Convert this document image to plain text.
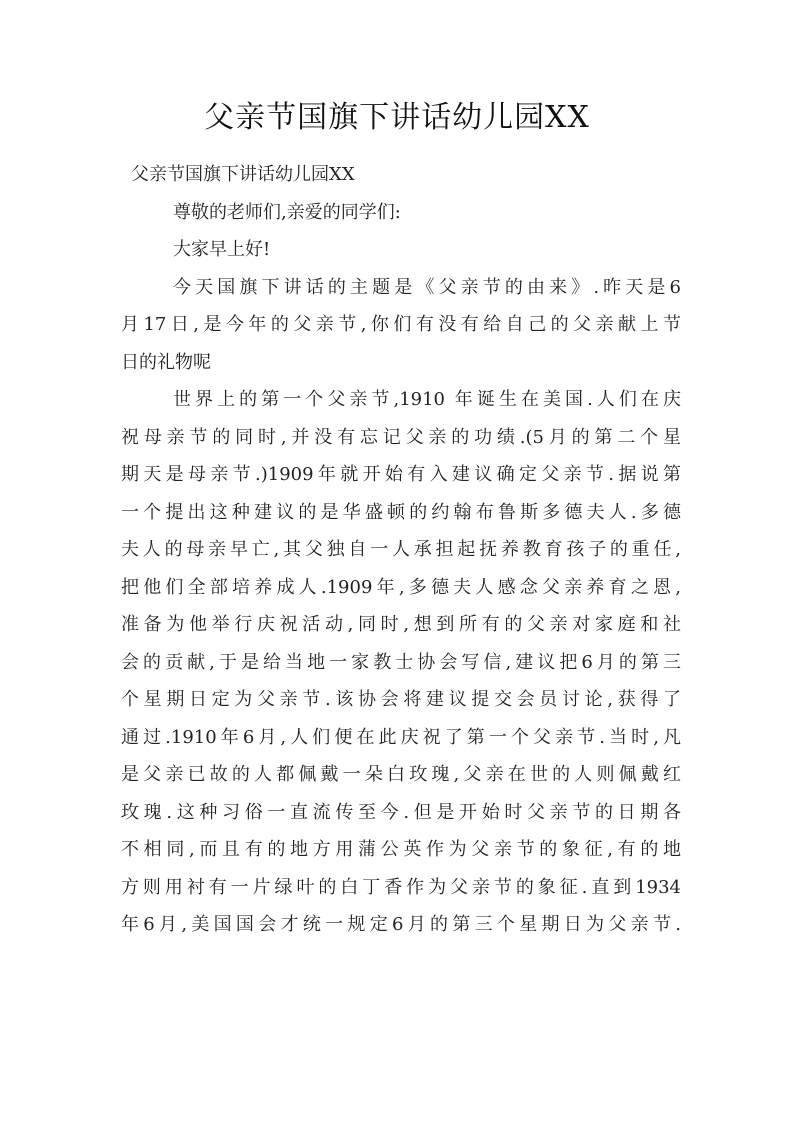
父亲节国旗下讲话幼儿园XX
父亲节国旗下讲话幼儿园XX
尊敬的老师们,亲爱的同学们:
大家早上好!
今天国旗下讲话的主题是《父亲节的由来》.昨天是6
月17日,是今年的父亲节,你们有没有给自己的父亲献上节
日的礼物呢
世界上的第一个父亲节,1910 年诞生在美国.人们在庆
祝母亲节的同时,并没有忘记父亲的功绩.(5月的第二个星
期天是母亲节.)1909年就开始有入建议确定父亲节.据说第
一个提出这种建议的是华盛顿的约翰布鲁斯多德夫人.多德
夫人的母亲早亡,其父独自一人承担起抚养教育孩子的重任,
把他们全部培养成人.1909年,多德夫人感念父亲养育之恩,
准备为他举行庆祝活动,同时,想到所有的父亲对家庭和社
会的贡献,于是给当地一家教士协会写信,建议把6月的第三
个星期日定为父亲节.该协会将建议提交会员讨论,获得了
通过.1910年6月,人们便在此庆祝了第一个父亲节.当时,凡
是父亲已故的人都佩戴一朵白玫瑰,父亲在世的人则佩戴红
玫瑰.这种习俗一直流传至今.但是开始时父亲节的日期各
不相同,而且有的地方用蒲公英作为父亲节的象征,有的地
方则用衬有一片绿叶的白丁香作为父亲节的象征.直到1934
年6月,美国国会才统一规定6月的第三个星期日为父亲节.
